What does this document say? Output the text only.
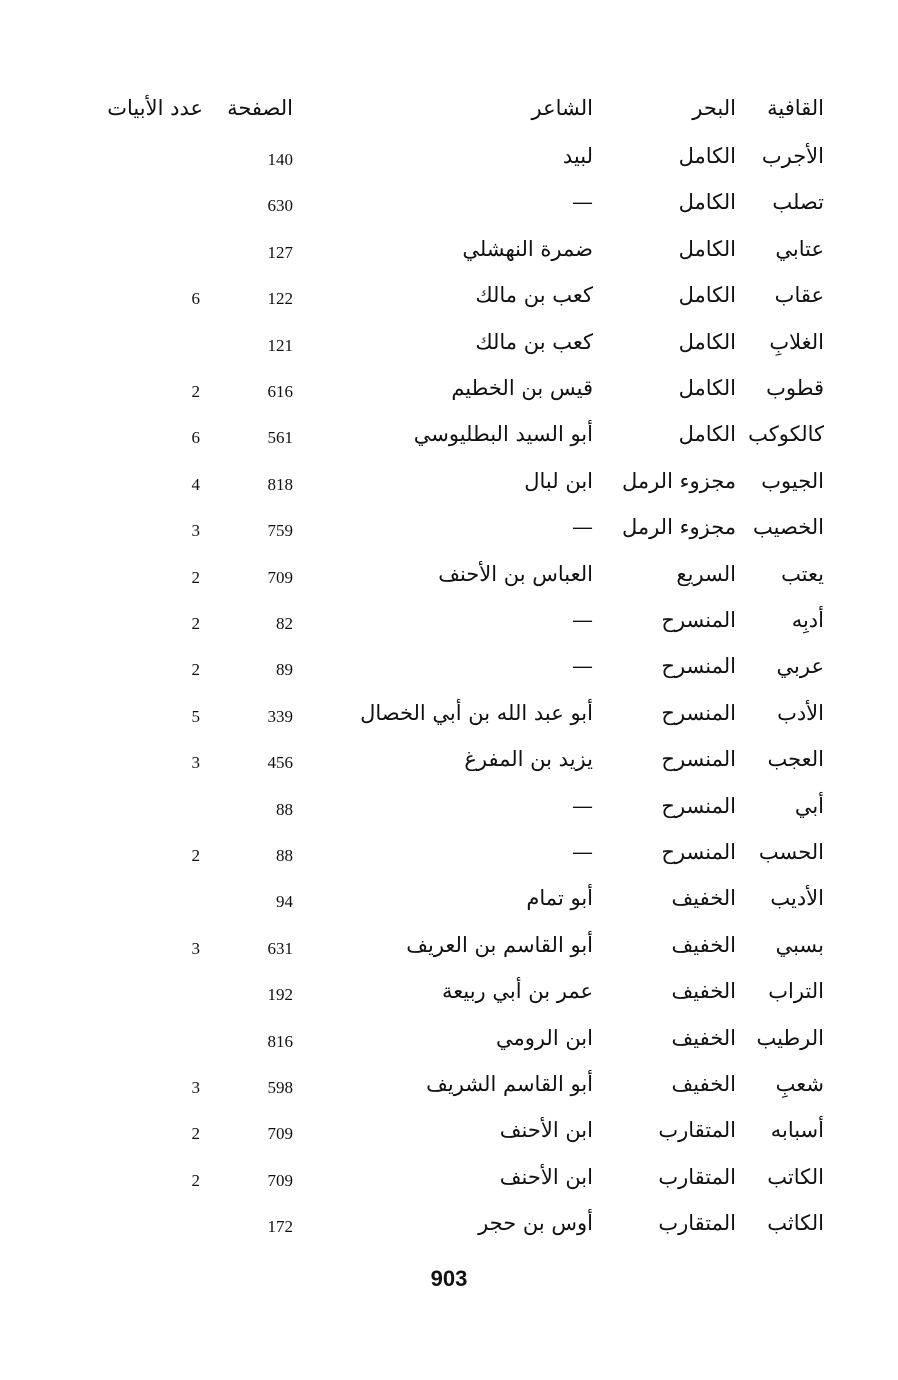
القافية
البحر
الشاعر
الصفحة
عدد الأبيات
الأجرب
الكامل
لبيد
140
تصلب
الكامل
—
630
عتابي
الكامل
ضمرة النهشلي
127
عقاب
الكامل
كعب بن مالك
122
6
الغلابِ
الكامل
كعب بن مالك
121
قطوب
الكامل
قيس بن الخطيم
616
2
كالكوكب
الكامل
أبو السيد البطليوسي
561
6
الجيوب
مجزوء الرمل
ابن لبال
818
4
الخصيب
مجزوء الرمل
—
759
3
يعتب
السريع
العباس بن الأحنف
709
2
أدبِه
المنسرح
—
82
2
عربي
المنسرح
—
89
2
الأدب
المنسرح
أبو عبد الله بن أبي الخصال
339
5
العجب
المنسرح
يزيد بن المفرغ
456
3
أبي
المنسرح
—
88
الحسب
المنسرح
—
88
2
الأديب
الخفيف
أبو تمام
94
بسبي
الخفيف
أبو القاسم بن العريف
631
3
التراب
الخفيف
عمر بن أبي ربيعة
192
الرطيب
الخفيف
ابن الرومي
816
شعبِ
الخفيف
أبو القاسم الشريف
598
3
أسبابه
المتقارب
ابن الأحنف
709
2
الكاتب
المتقارب
ابن الأحنف
709
2
الكاثب
المتقارب
أوس بن حجر
172
903
